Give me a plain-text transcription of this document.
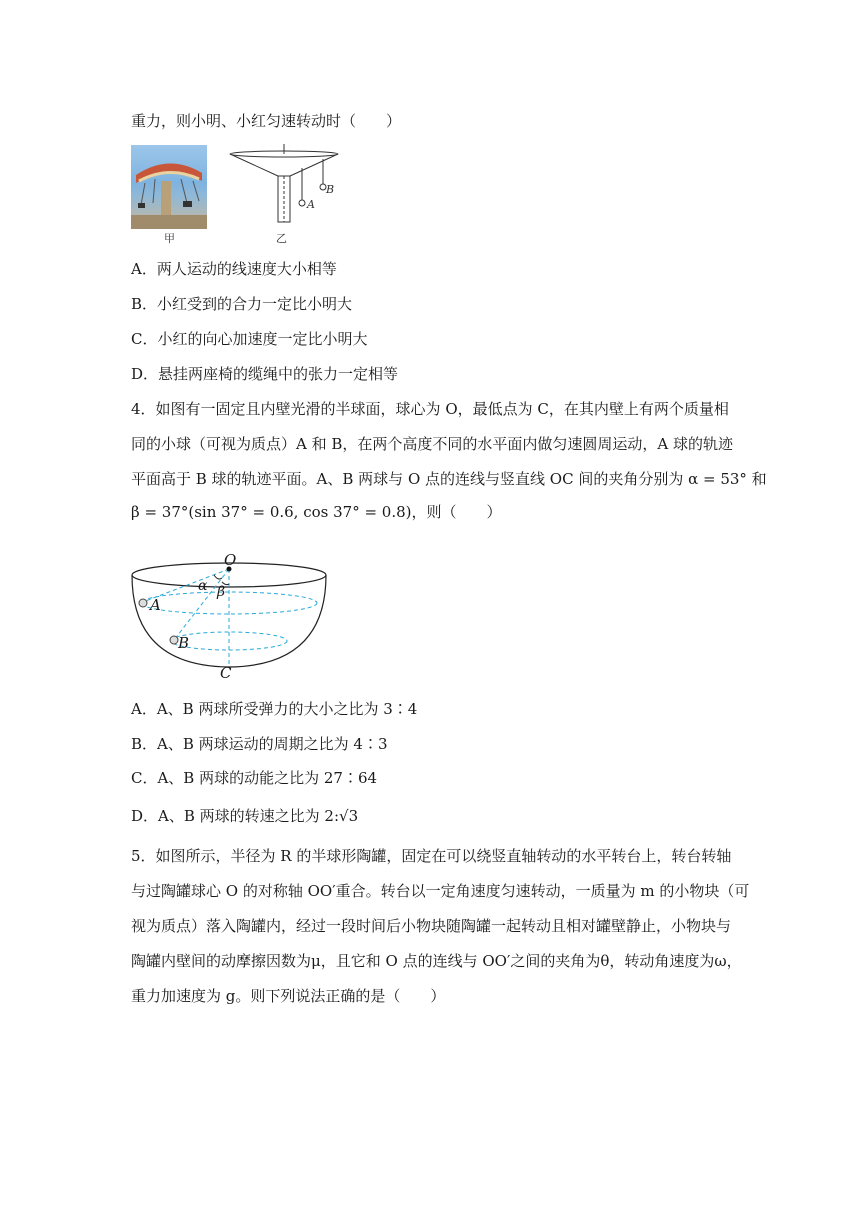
重力，则小明、小红匀速转动时（　　）
甲
A
B
乙
A．两人运动的线速度大小相等
B．小红受到的合力一定比小明大
C．小红的向心加速度一定比小明大
D．悬挂两座椅的缆绳中的张力一定相等
4．如图有一固定且内壁光滑的半球面，球心为 O，最低点为 C，在其内壁上有两个质量相
同的小球（可视为质点）A 和 B，在两个高度不同的水平面内做匀速圆周运动，A 球的轨迹
平面高于 B 球的轨迹平面。A、B 两球与 O 点的连线与竖直线 OC 间的夹角分别为 α = 53° 和
β = 37°(sin 37° = 0.6, cos 37° = 0.8)，则（　　）
O
A
B
C
α β
A．A、B 两球所受弹力的大小之比为 3∶4
B．A、B 两球运动的周期之比为 4∶3
C．A、B 两球的动能之比为 27∶64
D．A、B 两球的转速之比为 2:√3
5．如图所示，半径为 R 的半球形陶罐，固定在可以绕竖直轴转动的水平转台上，转台转轴
与过陶罐球心 O 的对称轴 OO′重合。转台以一定角速度匀速转动，一质量为 m 的小物块（可
视为质点）落入陶罐内，经过一段时间后小物块随陶罐一起转动且相对罐壁静止，小物块与
陶罐内壁间的动摩擦因数为μ，且它和 O 点的连线与 OO′之间的夹角为θ，转动角速度为ω，
重力加速度为 g。则下列说法正确的是（　　）
